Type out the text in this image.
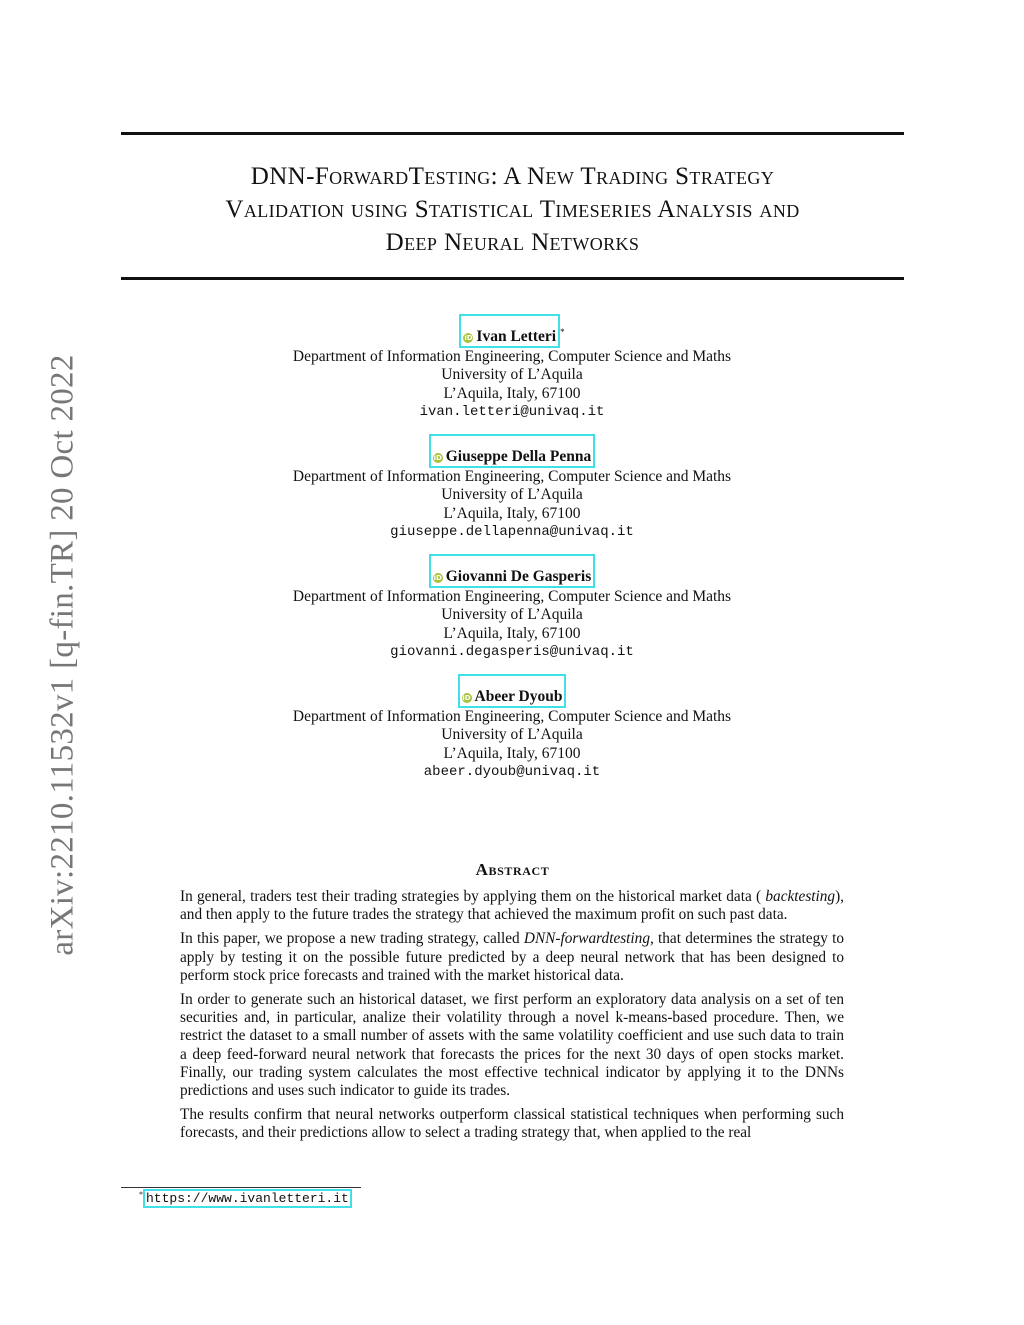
DNN-ForwardTesting: A New Trading Strategy
Validation using Statistical Timeseries Analysis and
Deep Neural Networks
arXiv:2210.11532v1 [q-fin.TR] 20 Oct 2022
iD Ivan Letteri *
Department of Information Engineering, Computer Science and Maths
University of L’Aquila
L’Aquila, Italy, 67100
ivan.letteri@univaq.it
iD Giuseppe Della Penna
Department of Information Engineering, Computer Science and Maths
University of L’Aquila
L’Aquila, Italy, 67100
giuseppe.dellapenna@univaq.it
iD Giovanni De Gasperis
Department of Information Engineering, Computer Science and Maths
University of L’Aquila
L’Aquila, Italy, 67100
giovanni.degasperis@univaq.it
iD Abeer Dyoub
Department of Information Engineering, Computer Science and Maths
University of L’Aquila
L’Aquila, Italy, 67100
abeer.dyoub@univaq.it
Abstract

In general, traders test their trading strategies by applying them on the historical market data ( backtesting), and then apply to the future trades the strategy that achieved the maximum profit on such past data.

In this paper, we propose a new trading strategy, called DNN-forwardtesting, that determines the strategy to apply by testing it on the possible future predicted by a deep neural network that has been designed to perform stock price forecasts and trained with the market historical data.

In order to generate such an historical dataset, we first perform an exploratory data analysis on a set of ten securities and, in particular, analize their volatility through a novel k-means-based procedure. Then, we restrict the dataset to a small number of assets with the same volatility coefficient and use such data to train a deep feed-forward neural network that forecasts the prices for the next 30 days of open stocks market. Finally, our trading system calculates the most effective technical indicator by applying it to the DNNs predictions and uses such indicator to guide its trades.

The results confirm that neural networks outperform classical statistical techniques when performing such forecasts, and their predictions allow to select a trading strategy that, when applied to the real

* https://www.ivanletteri.it
